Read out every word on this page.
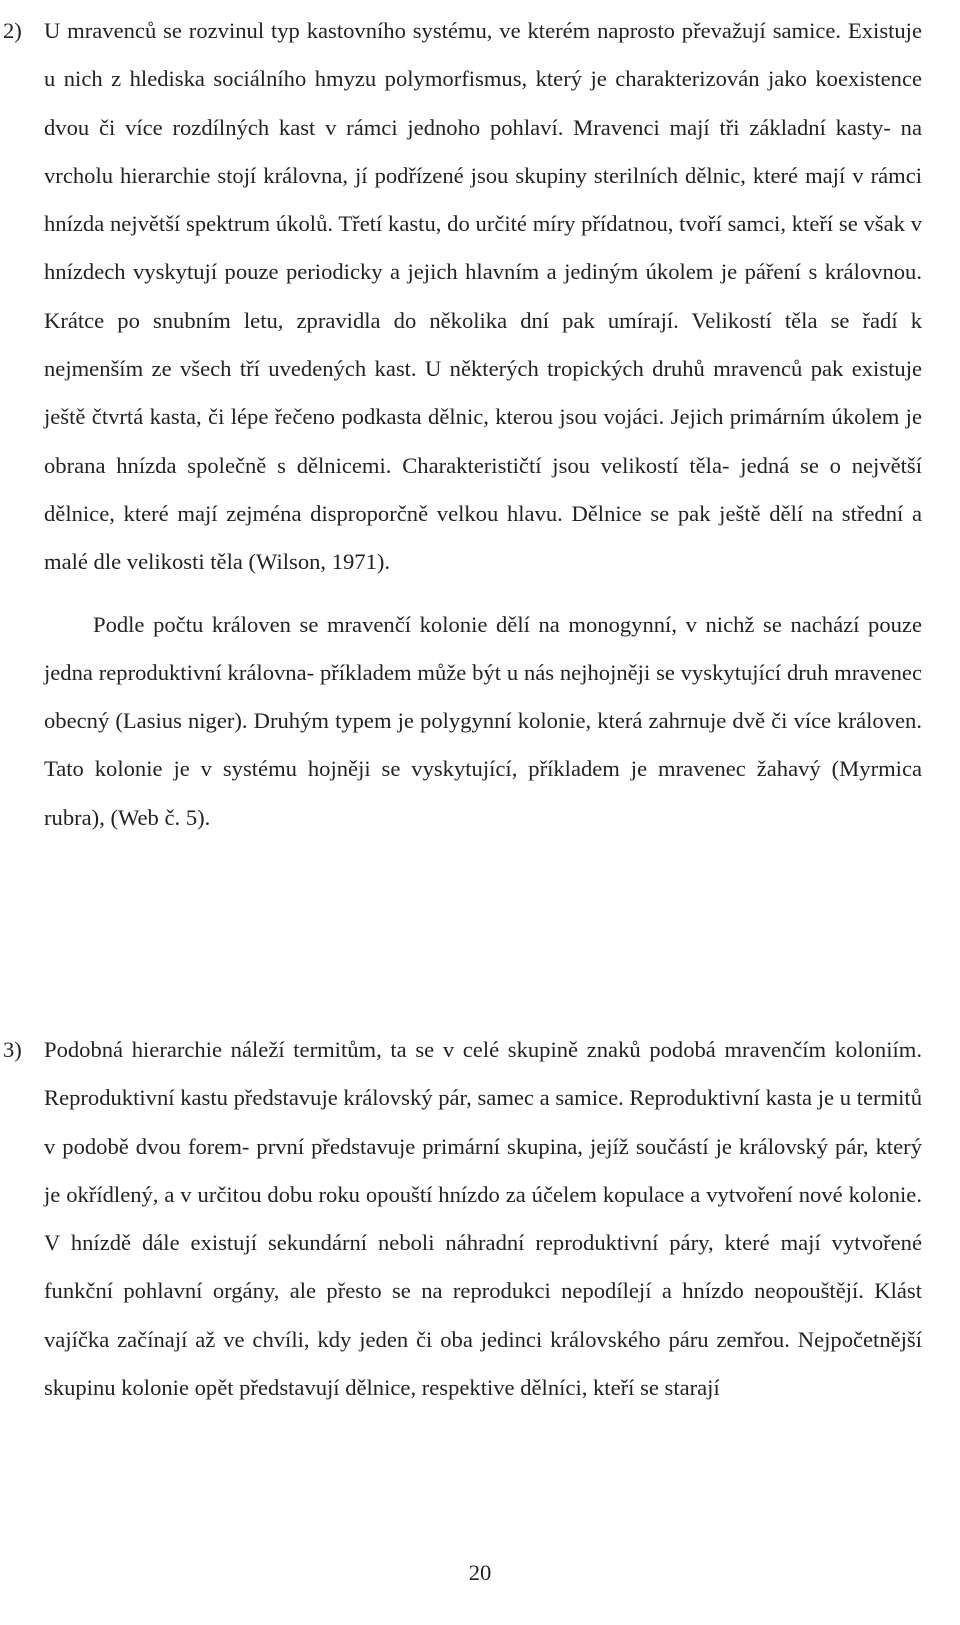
2) U mravenců se rozvinul typ kastovního systému, ve kterém naprosto převažují samice. Existuje u nich z hlediska sociálního hmyzu polymorfismus, který je charakterizován jako koexistence dvou či více rozdílných kast v rámci jednoho pohlaví. Mravenci mají tři základní kasty- na vrcholu hierarchie stojí královna, jí podřízené jsou skupiny sterilních dělnic, které mají v rámci hnízda největší spektrum úkolů. Třetí kastu, do určité míry přídatnou, tvoří samci, kteří se však v hnízdech vyskytují pouze periodicky a jejich hlavním a jediným úkolem je páření s královnou. Krátce po snubním letu, zpravidla do několika dní pak umírají. Velikostí těla se řadí k nejmenším ze všech tří uvedených kast. U některých tropických druhů mravenců pak existuje ještě čtvrtá kasta, či lépe řečeno podkasta dělnic, kterou jsou vojáci. Jejich primárním úkolem je obrana hnízda společně s dělnicemi. Charakterističtí jsou velikostí těla- jedná se o největší dělnice, které mají zejména disproporčně velkou hlavu. Dělnice se pak ještě dělí na střední a malé dle velikosti těla (Wilson, 1971).

Podle počtu královen se mravenčí kolonie dělí na monogynní, v nichž se nachází pouze jedna reproduktivní královna- příkladem může být u nás nejhojněji se vyskytující druh mravenec obecný (Lasius niger). Druhým typem je polygynní kolonie, která zahrnuje dvě či více královen. Tato kolonie je v systému hojněji se vyskytující, příkladem je mravenec žahavý (Myrmica rubra), (Web č. 5).

3) Podobná hierarchie náleží termitům, ta se v celé skupině znaků podobá mravenčím koloniím. Reproduktivní kastu představuje královský pár, samec a samice. Reproduktivní kasta je u termitů v podobě dvou forem- první představuje primární skupina, jejíž součástí je královský pár, který je okřídlený, a v určitou dobu roku opouští hnízdo za účelem kopulace a vytvoření nové kolonie. V hnízdě dále existují sekundární neboli náhradní reproduktivní páry, které mají vytvořené funkční pohlavní orgány, ale přesto se na reprodukci nepodílejí a hnízdo neopouštějí. Klást vajíčka začínají až ve chvíli, kdy jeden či oba jedinci královského páru zemřou. Nejpočetnější skupinu kolonie opět představují dělnice, respektive dělníci, kteří se starají

20
